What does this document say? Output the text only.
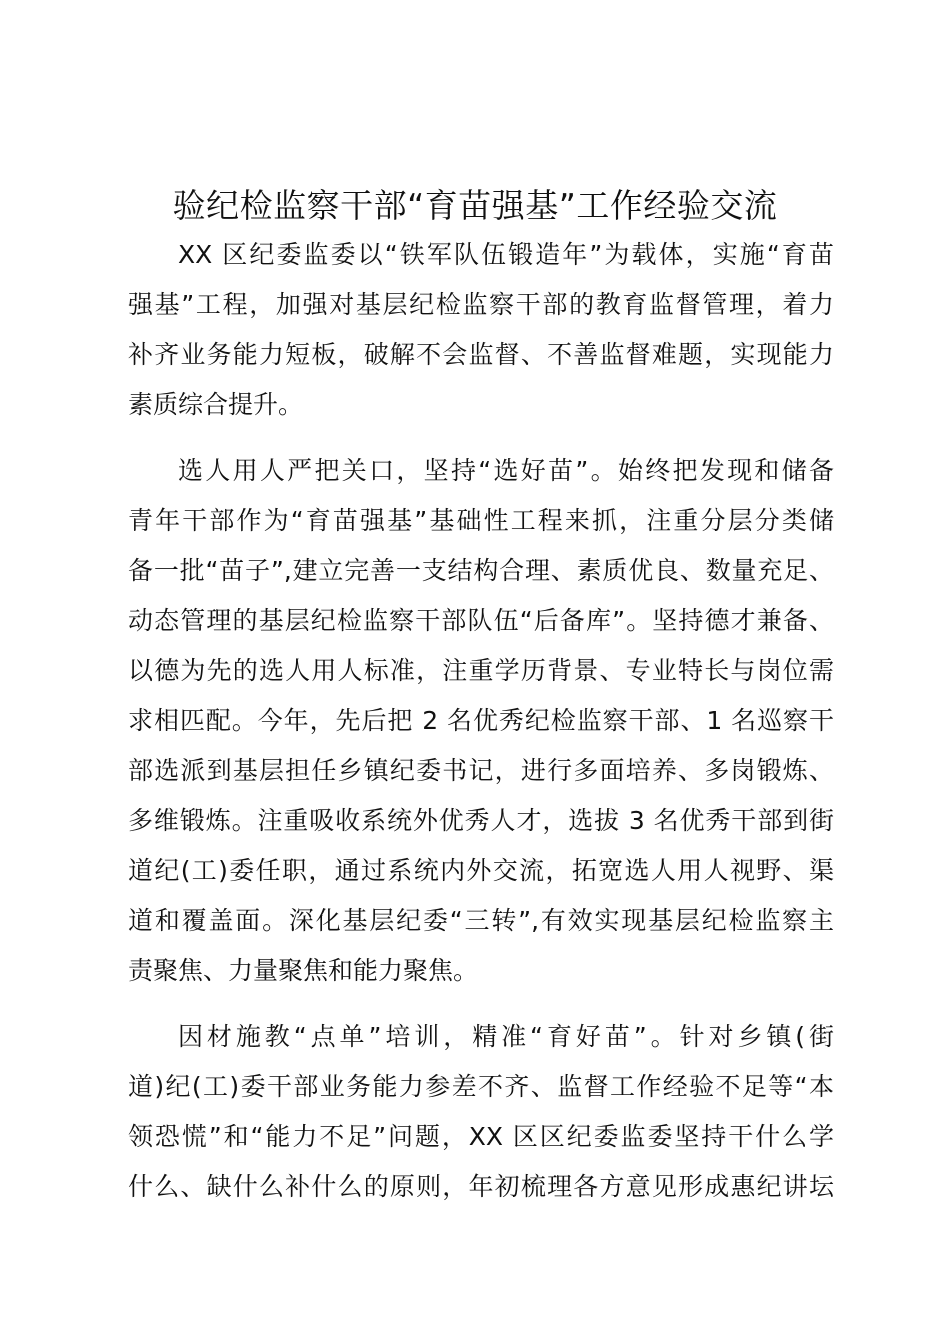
验纪检监察干部“育苗强基”工作经验交流
XX 区纪委监委以“铁军队伍锻造年”为载体，实施“育苗
强基”工程，加强对基层纪检监察干部的教育监督管理，着力
补齐业务能力短板，破解不会监督、不善监督难题，实现能力
素质综合提升。
选人用人严把关口，坚持“选好苗”。始终把发现和储备
青年干部作为“育苗强基”基础性工程来抓，注重分层分类储
备一批“苗子”,建立完善一支结构合理、素质优良、数量充足、
动态管理的基层纪检监察干部队伍“后备库”。坚持德才兼备、
以德为先的选人用人标准，注重学历背景、专业特长与岗位需
求相匹配。今年，先后把 2 名优秀纪检监察干部、1 名巡察干
部选派到基层担任乡镇纪委书记，进行多面培养、多岗锻炼、
多维锻炼。注重吸收系统外优秀人才，选拔 3 名优秀干部到街
道纪(工)委任职，通过系统内外交流，拓宽选人用人视野、渠
道和覆盖面。深化基层纪委“三转”,有效实现基层纪检监察主
责聚焦、力量聚焦和能力聚焦。
因材施教“点单”培训，精准“育好苗”。针对乡镇(街
道)纪(工)委干部业务能力参差不齐、监督工作经验不足等“本
领恐慌”和“能力不足”问题，XX 区区纪委监委坚持干什么学
什么、缺什么补什么的原则，年初梳理各方意见形成惠纪讲坛
